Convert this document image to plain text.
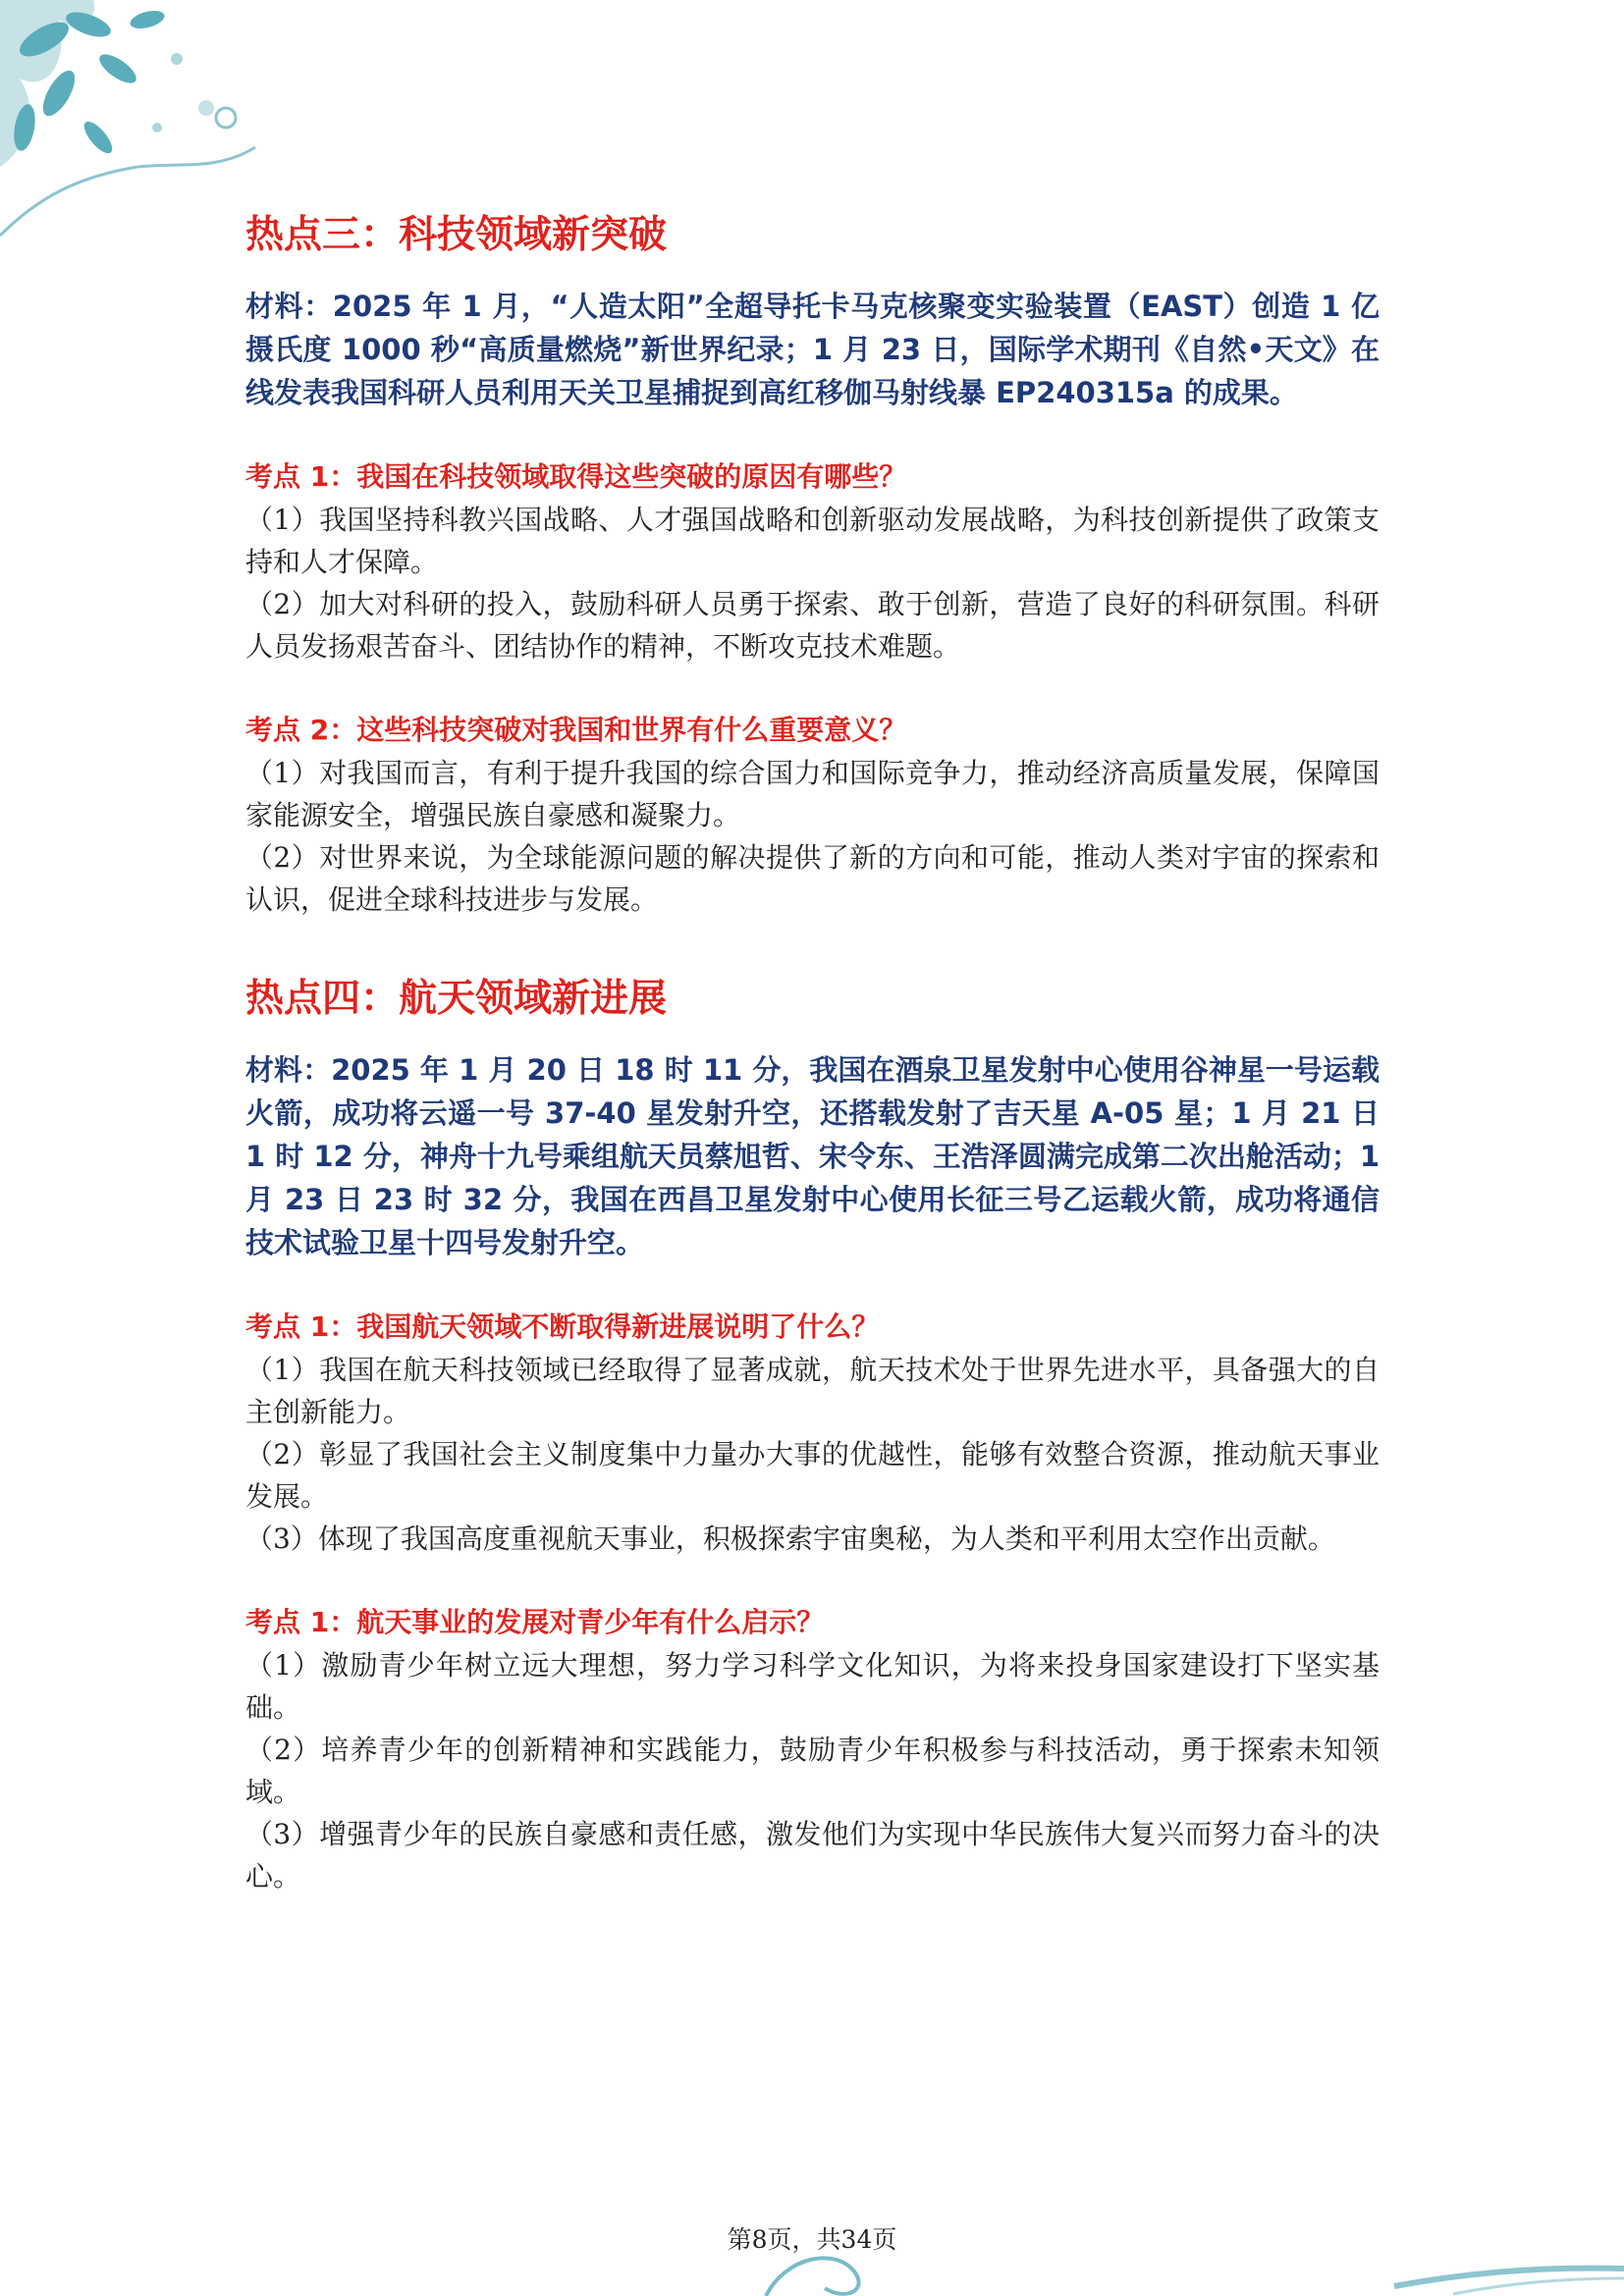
热点三：科技领域新突破

材料：2025 年 1 月，“人造太阳”全超导托卡马克核聚变实验装置（EAST）创造 1 亿摄氏度 1000 秒“高质量燃烧”新世界纪录；1 月 23 日，国际学术期刊《自然•天文》在线发表我国科研人员利用天关卫星捕捉到高红移伽马射线暴 EP240315a 的成果。

考点 1：我国在科技领域取得这些突破的原因有哪些？

（1）我国坚持科教兴国战略、人才强国战略和创新驱动发展战略，为科技创新提供了政策支持和人才保障。

（2）加大对科研的投入，鼓励科研人员勇于探索、敢于创新，营造了良好的科研氛围。科研人员发扬艰苦奋斗、团结协作的精神，不断攻克技术难题。

考点 2：这些科技突破对我国和世界有什么重要意义？

（1）对我国而言，有利于提升我国的综合国力和国际竞争力，推动经济高质量发展，保障国家能源安全，增强民族自豪感和凝聚力。

（2）对世界来说，为全球能源问题的解决提供了新的方向和可能，推动人类对宇宙的探索和认识，促进全球科技进步与发展。

热点四：航天领域新进展

材料：2025 年 1 月 20 日 18 时 11 分，我国在酒泉卫星发射中心使用谷神星一号运载火箭，成功将云遥一号 37-40 星发射升空，还搭载发射了吉天星 A-05 星；1 月 21 日 1 时 12 分，神舟十九号乘组航天员蔡旭哲、宋令东、王浩泽圆满完成第二次出舱活动；1 月 23 日 23 时 32 分，我国在西昌卫星发射中心使用长征三号乙运载火箭，成功将通信技术试验卫星十四号发射升空。

考点 1：我国航天领域不断取得新进展说明了什么？

（1）我国在航天科技领域已经取得了显著成就，航天技术处于世界先进水平，具备强大的自主创新能力。

（2）彰显了我国社会主义制度集中力量办大事的优越性，能够有效整合资源，推动航天事业发展。

（3）体现了我国高度重视航天事业，积极探索宇宙奥秘，为人类和平利用太空作出贡献。

考点 1：航天事业的发展对青少年有什么启示？

（1）激励青少年树立远大理想，努力学习科学文化知识，为将来投身国家建设打下坚实基础。

（2）培养青少年的创新精神和实践能力，鼓励青少年积极参与科技活动，勇于探索未知领域。

（3）增强青少年的民族自豪感和责任感，激发他们为实现中华民族伟大复兴而努力奋斗的决心。

第8页，共34页
